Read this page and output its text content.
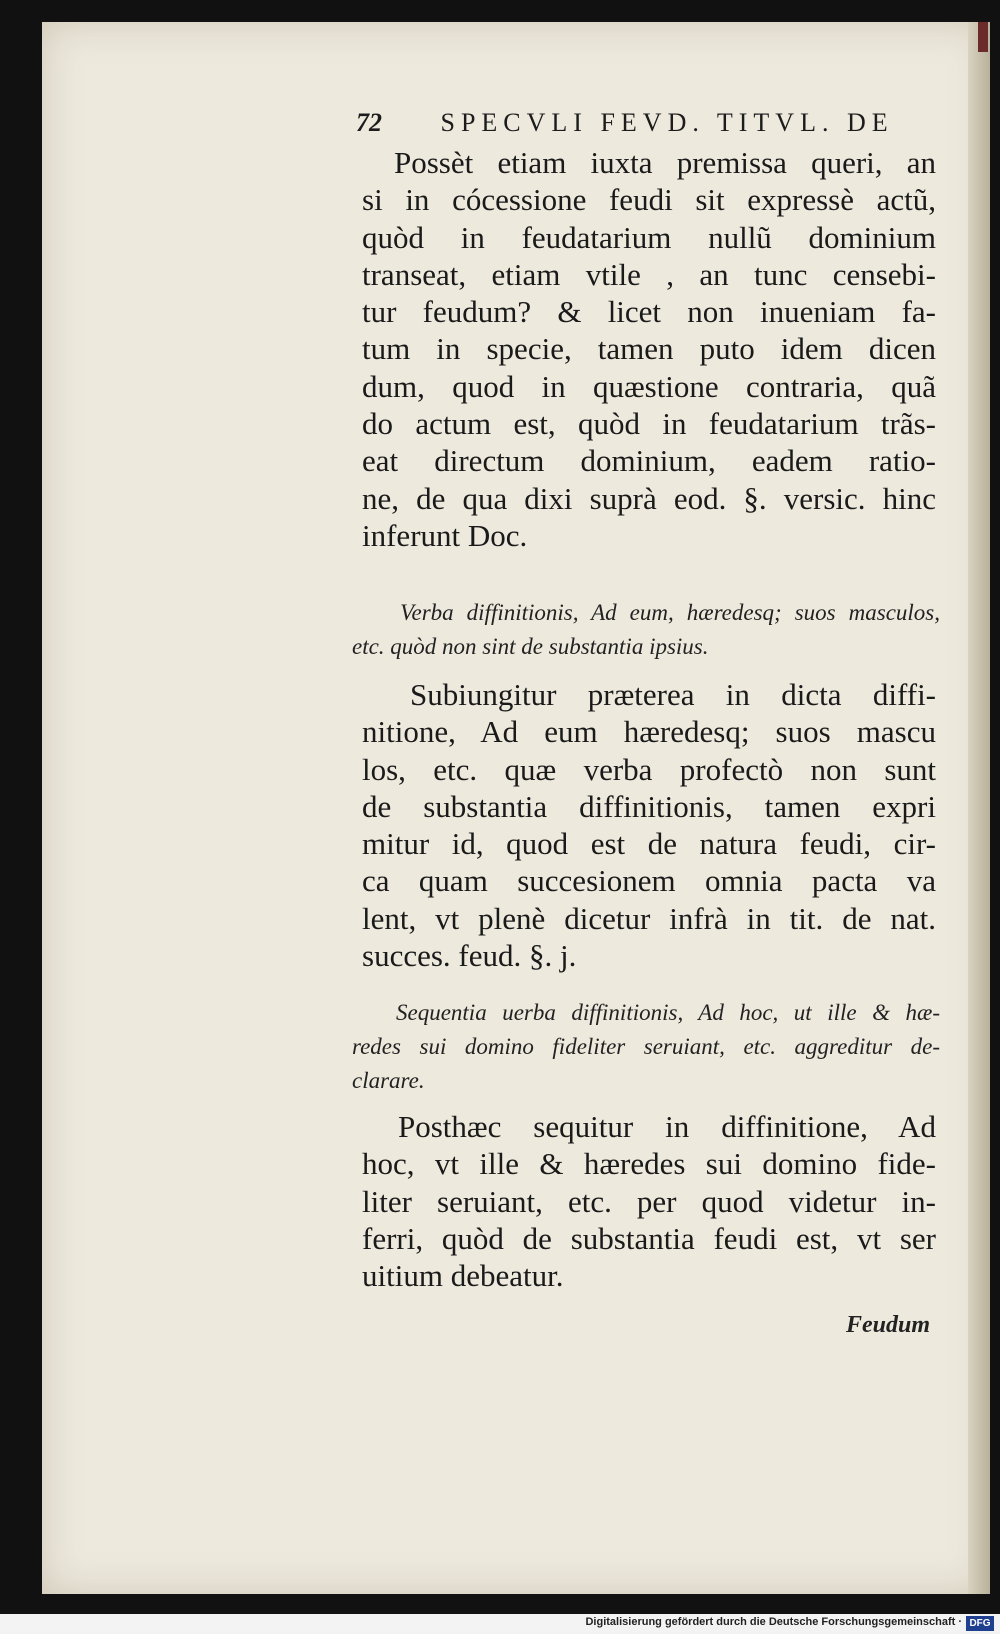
72 SPECVLI FEVD. TITVL. DE
Possèt etiam iuxta premissa queri, an
si in cócessione feudi sit expressè actũ,
quòd in feudatarium nullũ dominium
transeat, etiam vtile , an tunc censebi-
tur feudum? & licet non inueniam fa-
tum in specie, tamen puto idem dicen
dum, quod in quæstione contraria, quã
do actum est, quòd in feudatarium trãs-
eat directum dominium, eadem ratio-
ne, de qua dixi suprà eod. §. versic. hinc
inferunt Doc.
Verba diffinitionis, Ad eum, hæredesq; suos masculos,
etc. quòd non sint de substantia ipsius.
Subiungitur præterea in dicta diffi-
nitione, Ad eum hæredesq; suos mascu
los, etc. quæ verba profectò non sunt
de substantia diffinitionis, tamen expri
mitur id, quod est de natura feudi, cir-
ca quam succesionem omnia pacta va
lent, vt plenè dicetur infrà in tit. de nat.
succes. feud. §. j.
Sequentia uerba diffinitionis, Ad hoc, ut ille & hæ-
redes sui domino fideliter seruiant, etc. aggreditur de-
clarare.
Posthæc sequitur in diffinitione, Ad
hoc, vt ille & hæredes sui domino fide-
liter seruiant, etc. per quod videtur in-
ferri, quòd de substantia feudi est, vt ser
uitium debeatur.
Feudum
Digitalisierung gefördert durch die Deutsche Forschungsgemeinschaft · DFG
